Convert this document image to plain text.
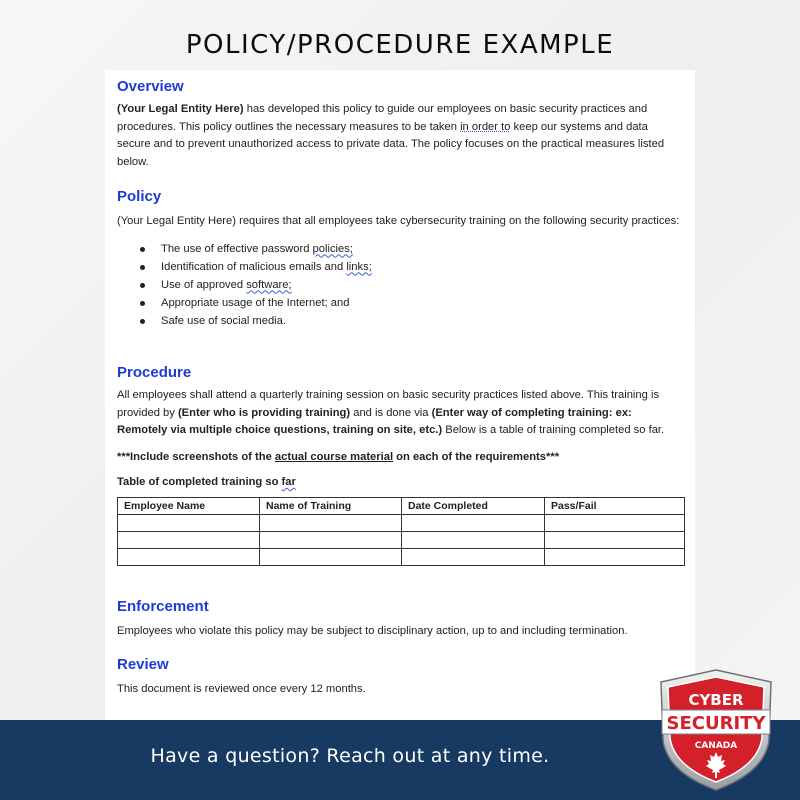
POLICY/PROCEDURE EXAMPLE
Overview

(Your Legal Entity Here) has developed this policy to guide our employees on basic security practices and procedures. This policy outlines the necessary measures to be taken in order to keep our systems and data secure and to prevent unauthorized access to private data. The policy focuses on the practical measures listed below.

Policy

(Your Legal Entity Here) requires that all employees take cybersecurity training on the following security practices:

The use of effective password policies;
Identification of malicious emails and links;
Use of approved software;
Appropriate usage of the Internet; and
Safe use of social media.
Procedure

All employees shall attend a quarterly training session on basic security practices listed above. This training is provided by (Enter who is providing training) and is done via (Enter way of completing training: ex: Remotely via multiple choice questions, training on site, etc.) Below is a table of training completed so far.

***Include screenshots of the actual course material on each of the requirements***

Table of completed training so far

Employee Name	Name of Training	Date Completed	Pass/Fail

Enforcement

Employees who violate this policy may be subject to disciplinary action, up to and including termination.

Review

This document is reviewed once every 12 months.

Have a question? Reach out at any time.
CYBER
SECURITY
CANADA
